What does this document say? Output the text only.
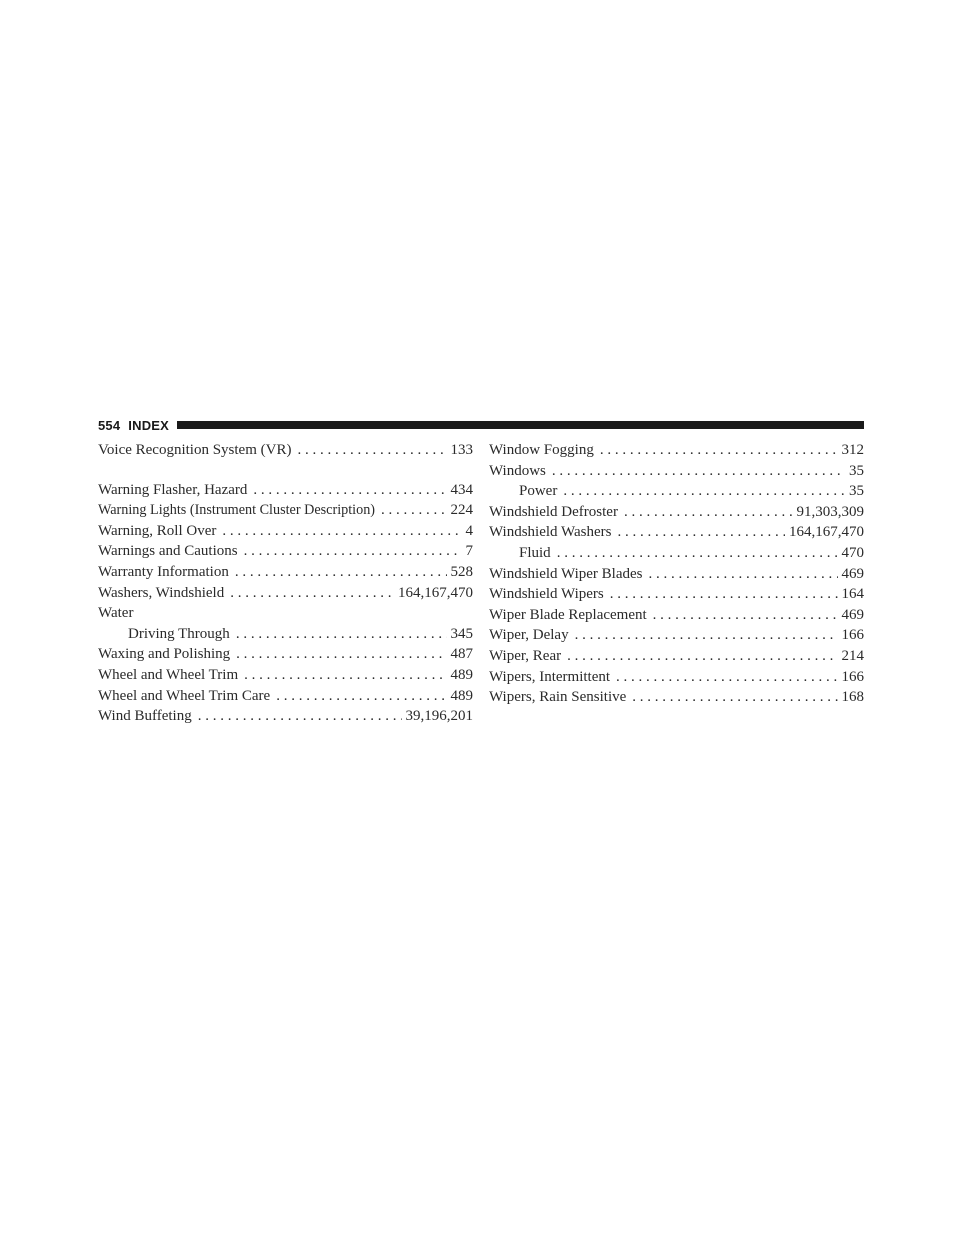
554 INDEX
Voice Recognition System (VR) . . .	133
Warning Flasher, Hazard . . .	434
Warning Lights (Instrument Cluster Description) . . .	224
Warning, Roll Over . . .	4
Warnings and Cautions . . .	7
Warranty Information . . .	528
Washers, Windshield . . .	164,167,470
Water
Driving Through . . .	345
Waxing and Polishing . . .	487
Wheel and Wheel Trim . . .	489
Wheel and Wheel Trim Care . . .	489
Wind Buffeting . . .	39,196,201
Window Fogging . . .	312
Windows . . .	35
Power . . .	35
Windshield Defroster . . .	91,303,309
Windshield Washers . . .	164,167,470
Fluid . . .	470
Windshield Wiper Blades . . .	469
Windshield Wipers . . .	164
Wiper Blade Replacement . . .	469
Wiper, Delay . . .	166
Wiper, Rear . . .	214
Wipers, Intermittent . . .	166
Wipers, Rain Sensitive . . .	168
